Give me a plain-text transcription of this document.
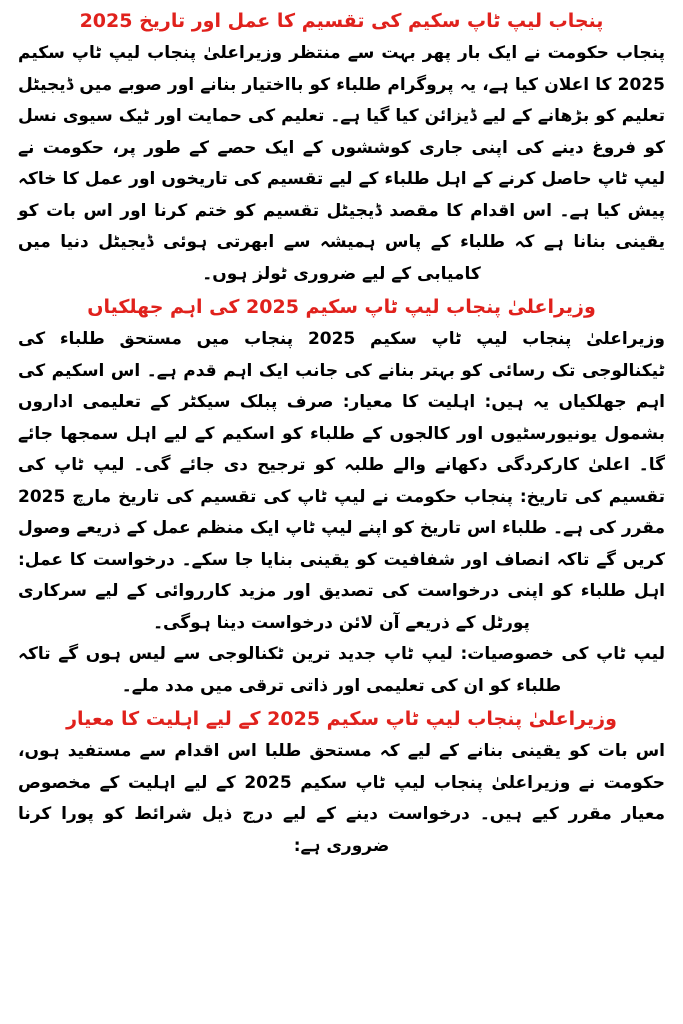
پنجاب لیپ ٹاپ سکیم کی تقسیم کا عمل اور تاریخ 2025

پنجاب حکومت نے ایک بار پھر بہت سے منتظر وزیراعلیٰ پنجاب لیپ ٹاپ سکیم 2025 کا اعلان کیا ہے، یہ پروگرام طلباء کو بااختیار بنانے اور صوبے میں ڈیجیٹل تعلیم کو بڑھانے کے لیے ڈیزائن کیا گیا ہے۔ تعلیم کی حمایت اور ٹیک سیوی نسل کو فروغ دینے کی اپنی جاری کوششوں کے ایک حصے کے طور پر، حکومت نے لیپ ٹاپ حاصل کرنے کے اہل طلباء کے لیے تقسیم کی تاریخوں اور عمل کا خاکہ پیش کیا ہے۔ اس اقدام کا مقصد ڈیجیٹل تقسیم کو ختم کرنا اور اس بات کو یقینی بنانا ہے کہ طلباء کے پاس ہمیشہ سے ابھرتی ہوئی ڈیجیٹل دنیا میں کامیابی کے لیے ضروری ٹولز ہوں۔

وزیراعلیٰ پنجاب لیپ ٹاپ سکیم 2025 کی اہم جھلکیاں

وزیراعلیٰ پنجاب لیپ ٹاپ سکیم 2025 پنجاب میں مستحق طلباء کی ٹیکنالوجی تک رسائی کو بہتر بنانے کی جانب ایک اہم قدم ہے۔ اس اسکیم کی اہم جھلکیاں یہ ہیں: اہلیت کا معیار: صرف پبلک سیکٹر کے تعلیمی اداروں بشمول یونیورسٹیوں اور کالجوں کے طلباء کو اسکیم کے لیے اہل سمجھا جائے گا۔ اعلیٰ کارکردگی دکھانے والے طلبہ کو ترجیح دی جائے گی۔ لیپ ٹاپ کی تقسیم کی تاریخ: پنجاب حکومت نے لیپ ٹاپ کی تقسیم کی تاریخ مارچ 2025 مقرر کی ہے۔ طلباء اس تاریخ کو اپنے لیپ ٹاپ ایک منظم عمل کے ذریعے وصول کریں گے تاکہ انصاف اور شفافیت کو یقینی بنایا جا سکے۔ درخواست کا عمل: اہل طلباء کو اپنی درخواست کی تصدیق اور مزید کارروائی کے لیے سرکاری پورٹل کے ذریعے آن لائن درخواست دینا ہوگی۔

لیپ ٹاپ کی خصوصیات: لیپ ٹاپ جدید ترین ٹکنالوجی سے لیس ہوں گے تاکہ طلباء کو ان کی تعلیمی اور ذاتی ترقی میں مدد ملے۔

وزیراعلیٰ پنجاب لیپ ٹاپ سکیم 2025 کے لیے اہلیت کا معیار

اس بات کو یقینی بنانے کے لیے کہ مستحق طلبا اس اقدام سے مستفید ہوں، حکومت نے وزیراعلیٰ پنجاب لیپ ٹاپ سکیم 2025 کے لیے اہلیت کے مخصوص معیار مقرر کیے ہیں۔ درخواست دینے کے لیے درج ذیل شرائط کو پورا کرنا ضروری ہے:
